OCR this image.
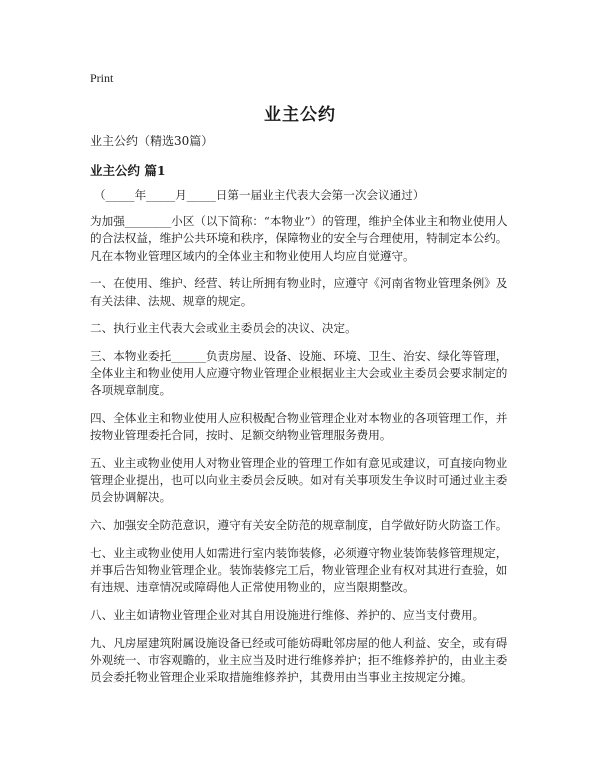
Print
业主公约
业主公约（精选30篇）
业主公约 篇1

（_____年_____月_____日第一届业主代表大会第一次会议通过）

为加强________小区（以下简称：“本物业”）的管理，维护全体业主和物业使用人的合法权益，维护公共环境和秩序，保障物业的安全与合理使用，特制定本公约。凡在本物业管理区域内的全体业主和物业使用人均应自觉遵守。

一、在使用、维护、经营、转让所拥有物业时，应遵守《河南省物业管理条例》及有关法律、法规、规章的规定。

二、执行业主代表大会或业主委员会的决议、决定。

三、本物业委托______负责房屋、设备、设施、环境、卫生、治安、绿化等管理，全体业主和物业使用人应遵守物业管理企业根据业主大会或业主委员会要求制定的各项规章制度。

四、全体业主和物业使用人应积极配合物业管理企业对本物业的各项管理工作，并按物业管理委托合同，按时、足额交纳物业管理服务费用。

五、业主或物业使用人对物业管理企业的管理工作如有意见或建议，可直接向物业管理企业提出，也可以向业主委员会反映。如对有关事项发生争议时可通过业主委员会协调解决。

六、加强安全防范意识，遵守有关安全防范的规章制度，自学做好防火防盗工作。

七、业主或物业使用人如需进行室内装饰装修，必须遵守物业装饰装修管理规定，并事后告知物业管理企业。装饰装修完工后，物业管理企业有权对其进行查验，如有违规、违章情况或障碍他人正常使用物业的，应当限期整改。

八、业主如请物业管理企业对其自用设施进行维修、养护的、应当支付费用。

九、凡房屋建筑附属设施设备已经或可能妨碍毗邻房屋的他人利益、安全，或有碍外观统一、市容观瞻的，业主应当及时进行维修养护；拒不维修养护的，由业主委员会委托物业管理企业采取措施维修养护，其费用由当事业主按规定分摊。
